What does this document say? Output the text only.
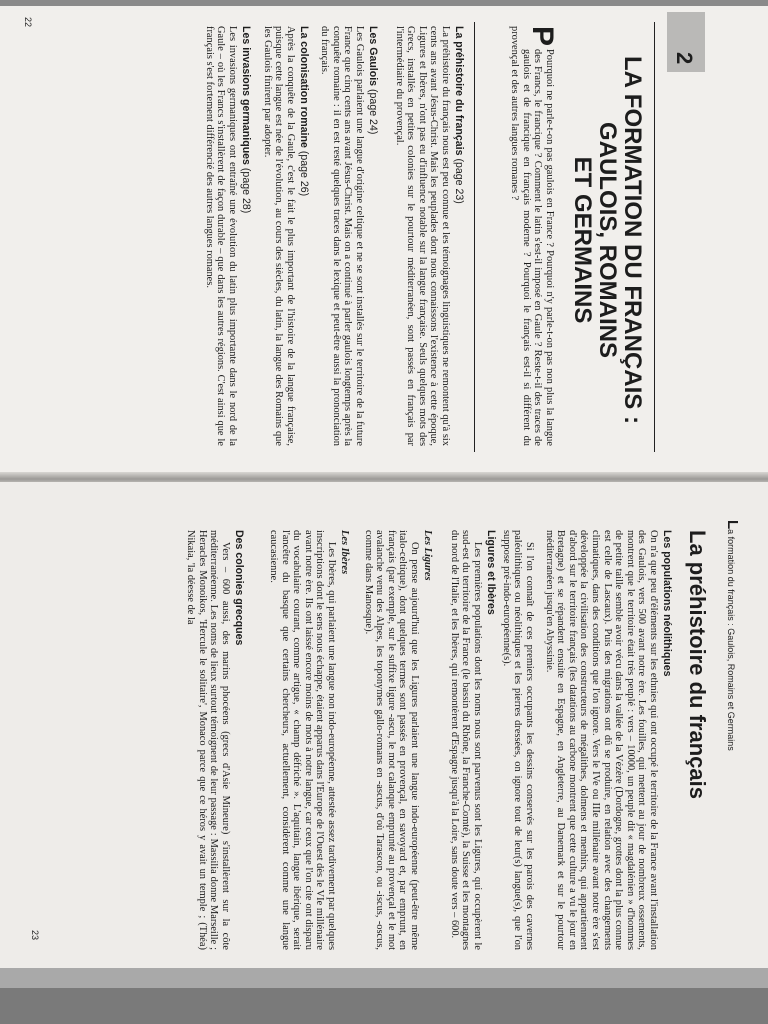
2
LA FORMATION DU FRANÇAIS :
GAULOIS, ROMAINS
ET GERMAINS

P
Pourquoi ne parle-t-on pas gaulois en France ? Pourquoi n'y parle-t-on pas non plus la langue des Francs, le francique ? Comment le latin s'est-il imposé en Gaule ? Reste-t-il des traces de gaulois et de francique en français moderne ? Pourquoi le français est-il si différent du provençal et des autres langues romanes ?

La préhistoire du français (page 23)

La préhistoire du français nous est peu connue et les témoignages linguistiques ne remontent qu'à six cents ans avant Jésus-Christ. Mais les peuplades dont nous connaissons l'existence à cette époque, Ligures et Ibères, n'ont pas eu d'influence notable sur la langue française. Seuls quelques mots des Grecs, installés en petites colonies sur le pourtour méditerranéen, sont passés en français par l'intermédiaire du provençal.

Les Gaulois (page 24)

Les Gaulois parlaient une langue d'origine celtique et ne se sont installés sur le territoire de la future France que cinq cents ans avant Jésus-Christ. Mais on a continué à parler gaulois longtemps après la conquête romaine : il en est resté quelques traces dans le lexique et peut-être aussi la prononciation du français.

La colonisation romaine (page 26)

Après la conquête de la Gaule, c'est le fait le plus important de l'histoire de la langue française, puisque cette langue est née de l'évolution, au cours des siècles, du latin, la langue des Romains que les Gaulois finirent par adopter.

Les invasions germaniques (page 28)

Les invasions germaniques ont entraîné une évolution du latin plus importante dans le nord de la Gaule – où les Francs s'installèrent de façon durable – que dans les autres régions. C'est ainsi que le français s'est fortement différencié des autres langues romanes.

22
La formation du français : Gaulois, Romains et Germains
La préhistoire du français
Les populations néolithiques

On n'a que peu d'éléments sur les ethnies qui ont occupé le territoire de la France avant l'installation des Gaulois, vers 500 avant notre ère. Les fouilles, qui mettent au jour de nombreux ossements, montrent que le territoire était très peuplé : vers – 10000, un peuple dit « magdalénien » d'hommes de petite taille semble avoir vécu dans la vallée de la Vézère (Dordogne, grottes dont la plus connue est celle de Lascaux). Puis des migrations ont dû se produire, en relation avec des changements climatiques, dans des conditions que l'on ignore. Vers le IVe ou IIIe millénaire avant notre ère s'est développée la civilisation des constructeurs de mégalithes, dolmens et menhirs, qui appartiennent d'abord sur le territoire français (les datations au carbone montrent que cette culture a vu le jour en Bretagne) et se répandent ensuite en Espagne, en Angleterre, au Danemark et sur le pourtour méditerranéen jusqu'en Abyssinie.

Si l'on connaît de ces premiers occupants les dessins conservés sur les parois des cavernes paléolithiques ou néolithiques et les pierres dressées, on ignore tout de leur(s) langue(s), que l'on suppose pré-indo-européenne(s).

Ligures et Ibères

Les premières populations dont les noms nous sont parvenus sont les Ligures, qui occupèrent le sud-est du territoire de la France (le bassin du Rhône, la Franche-Comté), la Suisse et les montagnes du nord de l'Italie, et les Ibères, qui remontèrent d'Espagne jusqu'à la Loire, sans doute vers – 600.

Les Ligures

On pense aujourd'hui que les Ligures parlaient une langue indo-européenne (peut-être même italo-celtique), dont quelques termes sont passés en provençal, en savoyard et, par emprunt, en français (par exemple, sur le suffixe ligure -ascu, le mot calanque emprunté au provençal et le mot avalanche venu des Alpes, les toponymes gallo-romans en -ascus, d'où Tarascon, ou -iscus, -oscus, comme dans Manosque).

Les Ibères

Les Ibères, qui parlaient une langue non indo-européenne, attestée assez tardivement par quelques inscriptions dont le sens nous échappe, étaient apparus dans l'Europe de l'Ouest dès le VIe millénaire avant notre ère. Ils ont laissé encore moins de mots à notre langue, car ceux que l'on cite ont disparu du vocabulaire courant, comme artigue, « champ défriché ». L'aquitain, langue ibérique, serait l'ancêtre du basque que certains chercheurs, actuellement, considèrent comme une langue caucasienne.

Des colonies grecques

Vers – 600 aussi, des marins phocéens (grecs d'Asie Mineure) s'installèrent sur la côte méditerranéenne. Les noms de lieux surtout témoignent de leur passage : Massilia donne Marseille ; Heracles Monoikos, 'Hercule le solitaire', Monaco parce que ce héros y avait un temple ; (Théa) Nikaia, 'la déesse de la

23
